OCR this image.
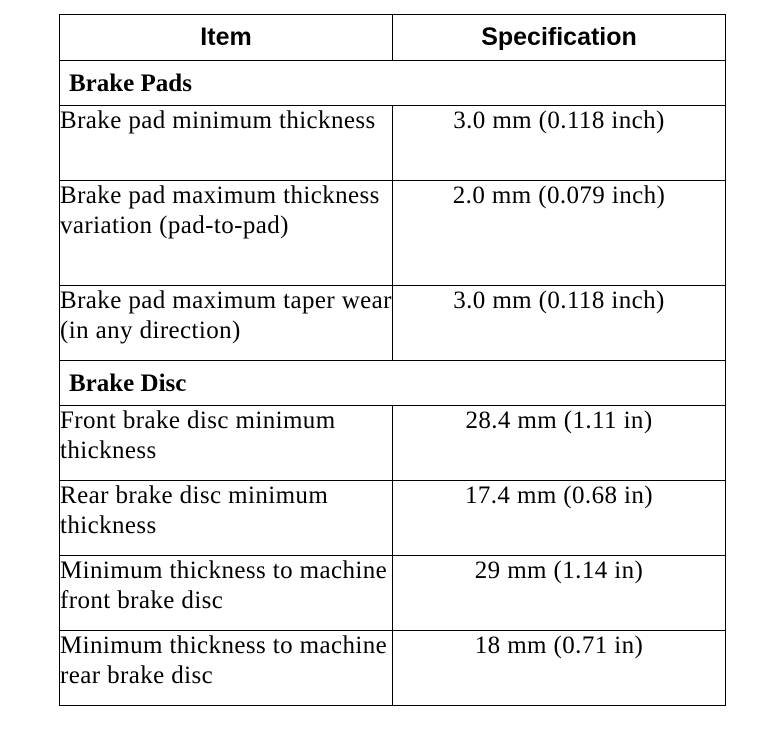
Item	Specification
Brake Pads	
Brake pad minimum thickness	3.0 mm (0.118 inch)
Brake pad maximum thickness variation (pad-to-pad)	2.0 mm (0.079 inch)
Brake pad maximum taper wear (in any direction)	3.0 mm (0.118 inch)
Brake Disc	
Front brake disc minimum thickness	28.4 mm (1.11 in)
Rear brake disc minimum thickness	17.4 mm (0.68 in)
Minimum thickness to machine front brake disc	29 mm (1.14 in)
Minimum thickness to machine rear brake disc	18 mm (0.71 in)
